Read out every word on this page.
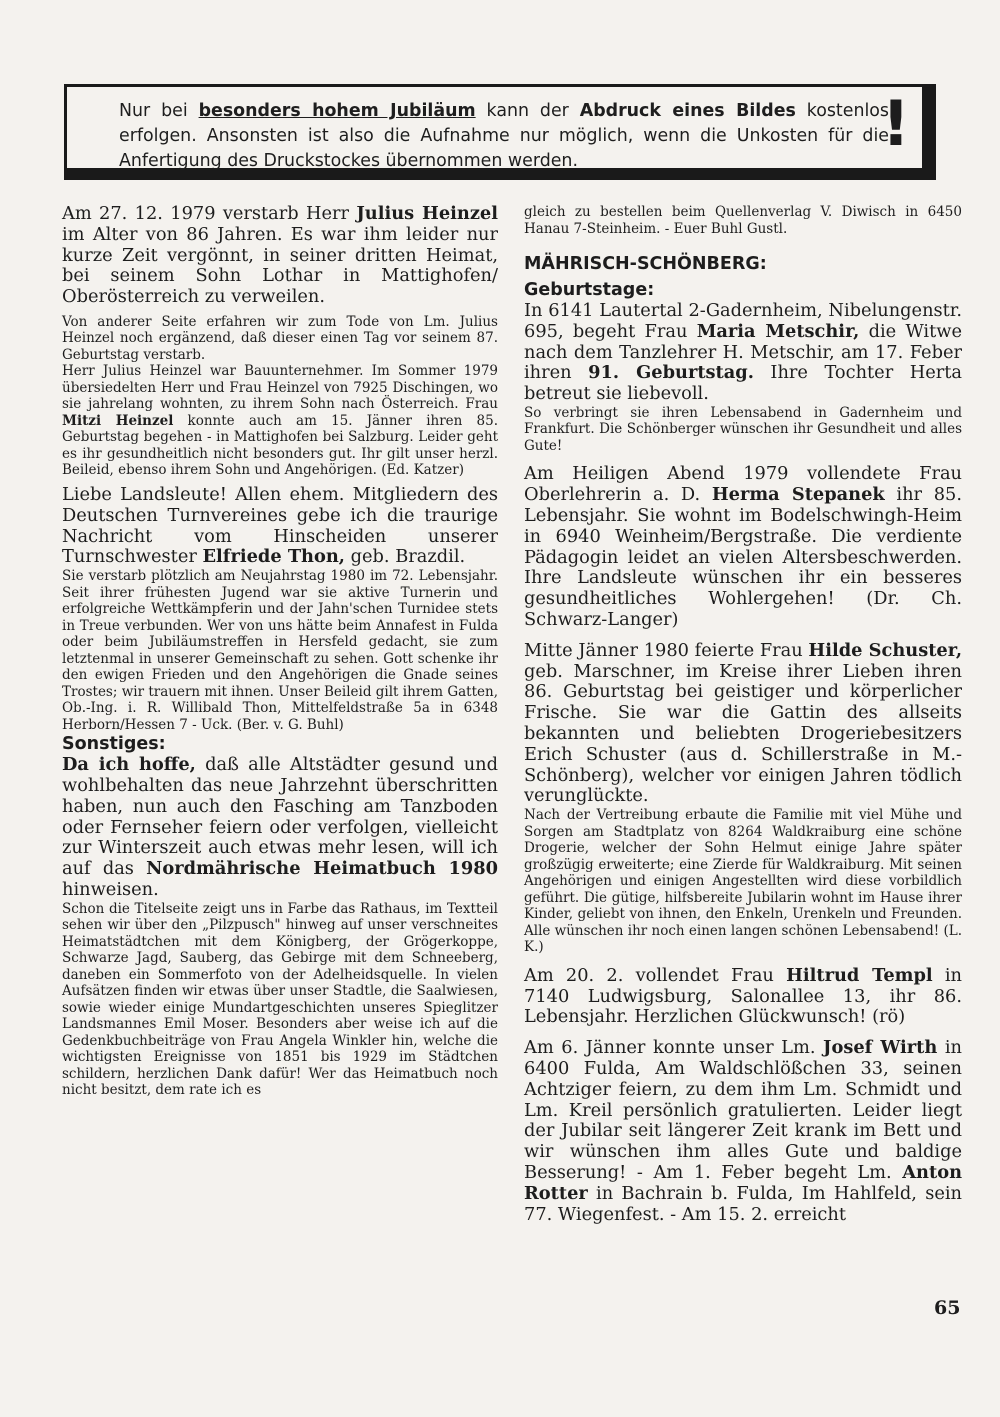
Nur bei besonders hohem Jubiläum kann der Abdruck eines Bildes kostenlos erfolgen. Ansonsten ist also die Aufnahme nur möglich, wenn die Unkosten für die Anfertigung des Druckstockes übernommen werden.
!

Am 27. 12. 1979 verstarb Herr Julius Heinzel im Alter von 86 Jahren. Es war ihm leider nur kurze Zeit vergönnt, in seiner dritten Heimat, bei seinem Sohn Lothar in Mattighofen/ Oberösterreich zu verweilen.

Von anderer Seite erfahren wir zum Tode von Lm. Julius Heinzel noch ergänzend, daß dieser einen Tag vor seinem 87. Geburtstag verstarb.

Herr Julius Heinzel war Bauunternehmer. Im Sommer 1979 übersiedelten Herr und Frau Heinzel von 7925 Dischingen, wo sie jahrelang wohnten, zu ihrem Sohn nach Österreich. Frau Mitzi Heinzel konnte auch am 15. Jänner ihren 85. Geburtstag begehen - in Mattighofen bei Salzburg. Leider geht es ihr gesundheitlich nicht besonders gut. Ihr gilt unser herzl. Beileid, ebenso ihrem Sohn und Angehörigen. (Ed. Katzer)

Liebe Landsleute! Allen ehem. Mitgliedern des Deutschen Turnvereines gebe ich die traurige Nachricht vom Hinscheiden unserer Turnschwester Elfriede Thon, geb. Brazdil.

Sie verstarb plötzlich am Neujahrstag 1980 im 72. Lebensjahr. Seit ihrer frühesten Jugend war sie aktive Turnerin und erfolgreiche Wettkämpferin und der Jahn'schen Turnidee stets in Treue verbunden. Wer von uns hätte beim Annafest in Fulda oder beim Jubiläumstreffen in Hersfeld gedacht, sie zum letztenmal in unserer Gemeinschaft zu sehen. Gott schenke ihr den ewigen Frieden und den Angehörigen die Gnade seines Trostes; wir trauern mit ihnen. Unser Beileid gilt ihrem Gatten, Ob.-Ing. i. R. Willibald Thon, Mittelfeldstraße 5a in 6348 Herborn/Hessen 7 - Uck. (Ber. v. G. Buhl)

Sonstiges:

Da ich hoffe, daß alle Altstädter gesund und wohlbehalten das neue Jahrzehnt überschritten haben, nun auch den Fasching am Tanzboden oder Fernseher feiern oder verfolgen, vielleicht zur Winterszeit auch etwas mehr lesen, will ich auf das Nordmährische Heimatbuch 1980 hinweisen.

Schon die Titelseite zeigt uns in Farbe das Rathaus, im Textteil sehen wir über den „Pilzpusch" hinweg auf unser verschneites Heimatstädtchen mit dem Königberg, der Grögerkoppe, Schwarze Jagd, Sauberg, das Gebirge mit dem Schneeberg, daneben ein Sommerfoto von der Adelheidsquelle. In vielen Aufsätzen finden wir etwas über unser Stadtle, die Saalwiesen, sowie wieder einige Mundartgeschichten unseres Spieglitzer Landsmannes Emil Moser. Besonders aber weise ich auf die Gedenkbuchbeiträge von Frau Angela Winkler hin, welche die wichtigsten Ereignisse von 1851 bis 1929 im Städtchen schildern, herzlichen Dank dafür! Wer das Heimatbuch noch nicht besitzt, dem rate ich es

gleich zu bestellen beim Quellenverlag V. Diwisch in 6450 Hanau 7-Steinheim. - Euer Buhl Gustl.

MÄHRISCH-SCHÖNBERG:

Geburtstage:

In 6141 Lautertal 2-Gadernheim, Nibelungenstr. 695, begeht Frau Maria Metschir, die Witwe nach dem Tanzlehrer H. Metschir, am 17. Feber ihren 91. Geburtstag. Ihre Tochter Herta betreut sie liebevoll.

So verbringt sie ihren Lebensabend in Gadernheim und Frankfurt. Die Schönberger wünschen ihr Gesundheit und alles Gute!

Am Heiligen Abend 1979 vollendete Frau Oberlehrerin a. D. Herma Stepanek ihr 85. Lebensjahr. Sie wohnt im Bodelschwingh-Heim in 6940 Weinheim/Bergstraße. Die verdiente Pädagogin leidet an vielen Altersbeschwerden. Ihre Landsleute wünschen ihr ein besseres gesundheitliches Wohlergehen! (Dr. Ch. Schwarz-Langer)

Mitte Jänner 1980 feierte Frau Hilde Schuster, geb. Marschner, im Kreise ihrer Lieben ihren 86. Geburtstag bei geistiger und körperlicher Frische. Sie war die Gattin des allseits bekannten und beliebten Drogeriebesitzers Erich Schuster (aus d. Schillerstraße in M.-Schönberg), welcher vor einigen Jahren tödlich verunglückte.

Nach der Vertreibung erbaute die Familie mit viel Mühe und Sorgen am Stadtplatz von 8264 Waldkraiburg eine schöne Drogerie, welcher der Sohn Helmut einige Jahre später großzügig erweiterte; eine Zierde für Waldkraiburg. Mit seinen Angehörigen und einigen Angestellten wird diese vorbildlich geführt. Die gütige, hilfsbereite Jubilarin wohnt im Hause ihrer Kinder, geliebt von ihnen, den Enkeln, Urenkeln und Freunden. Alle wünschen ihr noch einen langen schönen Lebensabend! (L. K.)

Am 20. 2. vollendet Frau Hiltrud Templ in 7140 Ludwigsburg, Salonallee 13, ihr 86. Lebensjahr. Herzlichen Glückwunsch! (rö)

Am 6. Jänner konnte unser Lm. Josef Wirth in 6400 Fulda, Am Waldschlößchen 33, seinen Achtziger feiern, zu dem ihm Lm. Schmidt und Lm. Kreil persönlich gratulierten. Leider liegt der Jubilar seit längerer Zeit krank im Bett und wir wünschen ihm alles Gute und baldige Besserung! - Am 1. Feber begeht Lm. Anton Rotter in Bachrain b. Fulda, Im Hahlfeld, sein 77. Wiegenfest. - Am 15. 2. erreicht

65
